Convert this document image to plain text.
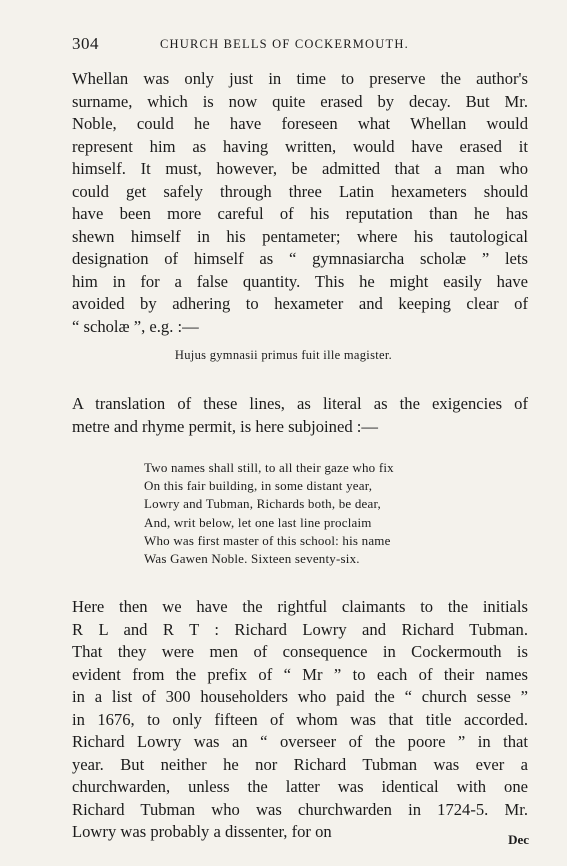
304	CHURCH BELLS OF COCKERMOUTH.
Whellan was only just in time to preserve the author's
surname, which is now quite erased by decay. But Mr.
Noble, could he have foreseen what Whellan would
represent him as having written, would have erased it
himself. It must, however, be admitted that a man who
could get safely through three Latin hexameters should
have been more careful of his reputation than he has
shewn himself in his pentameter; where his tautological
designation of himself as “ gymnasiarcha scholæ ” lets
him in for a false quantity. This he might easily have
avoided by adhering to hexameter and keeping clear of
“ scholæ ”, e.g. :—
Hujus gymnasii primus fuit ille magister.
A translation of these lines, as literal as the exigencies of
metre and rhyme permit, is here subjoined :—
Two names shall still, to all their gaze who fix
On this fair building, in some distant year,
Lowry and Tubman, Richards both, be dear,
And, writ below, let one last line proclaim
Who was first master of this school: his name
Was Gawen Noble. Sixteen seventy-six.
Here then we have the rightful claimants to the initials
R L and R T : Richard Lowry and Richard Tubman.
That they were men of consequence in Cockermouth is
evident from the prefix of “ Mr ” to each of their names
in a list of 300 householders who paid the “ church sesse ”
in 1676, to only fifteen of whom was that title accorded.
Richard Lowry was an “ overseer of the poore ” in that
year. But neither he nor Richard Tubman was ever a
churchwarden, unless the latter was identical with one
Richard Tubman who was churchwarden in 1724-5. Mr.
Lowry was probably a dissenter, for on	Dec
